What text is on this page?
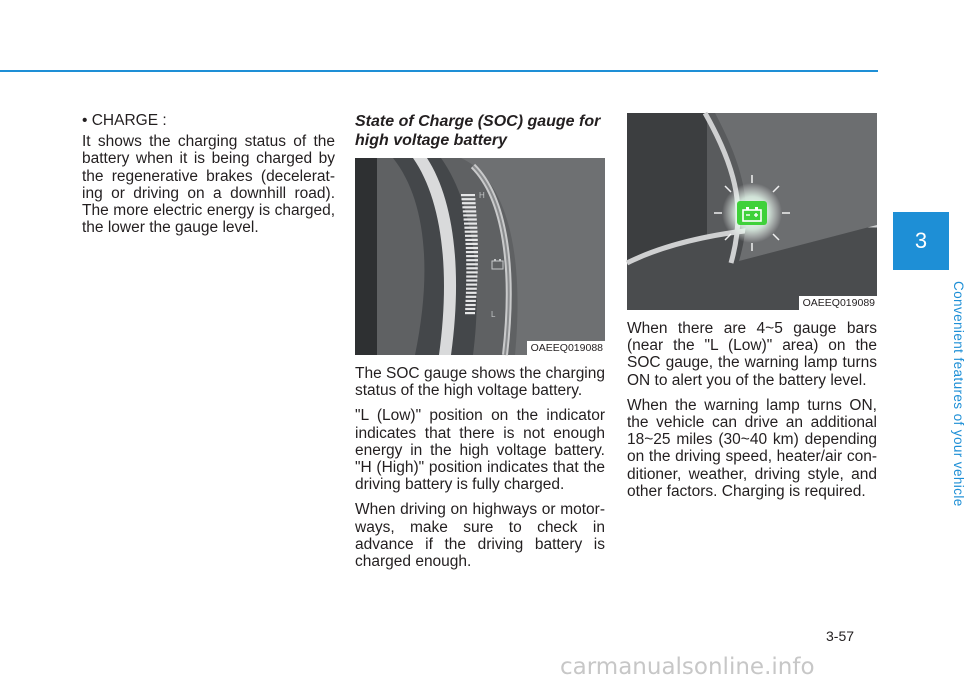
• CHARGE :

It shows the charging status of the battery when it is being charged by the regenerative brakes (decelerat-ing or driving on a downhill road). The more electric energy is charged, the lower the gauge level.

State of Charge (SOC) gauge for high voltage battery

H
L
OAEEQ019088

The SOC gauge shows the charging status of the high voltage battery.

"L (Low)" position on the indicator indicates that there is not enough energy in the high voltage battery. "H (High)" position indicates that the driving battery is fully charged.

When driving on highways or motor-ways, make sure to check in advance if the driving battery is charged enough.

OAEEQ019089

When there are 4~5 gauge bars (near the "L (Low)" area) on the SOC gauge, the warning lamp turns ON to alert you of the battery level.

When the warning lamp turns ON, the vehicle can drive an additional 18~25 miles (30~40 km) depending on the driving speed, heater/air con-ditioner, weather, driving style, and other factors. Charging is required.

3
Convenient features of your vehicle
3-57
carmanualsonline.info
